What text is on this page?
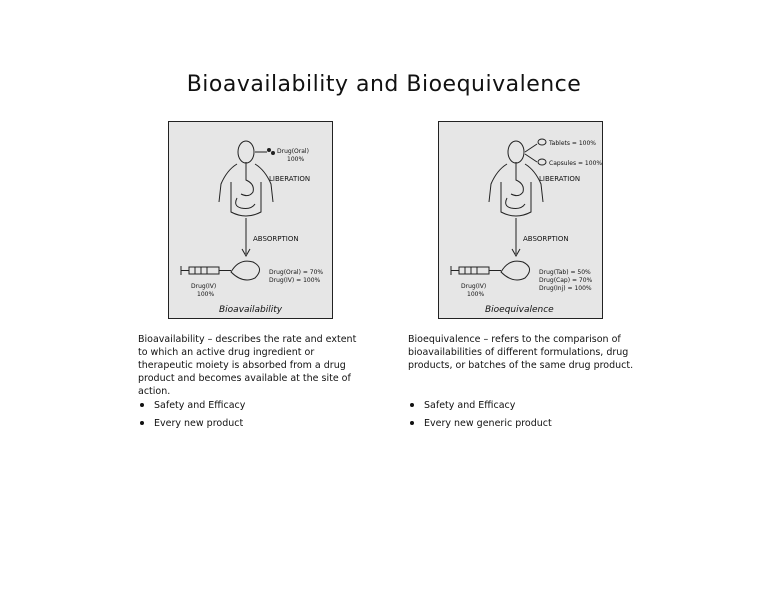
Bioavailability and Bioequivalence
Drug(Oral)
100%
LIBERATION
ABSORPTION
Drug(IV)
100%
Drug(Oral) = 70%
Drug(IV) = 100%
Bioavailability
Tablets = 100%
Capsules = 100%
LIBERATION
ABSORPTION
Drug(IV)
100%
Drug(Tab) = 50%
Drug(Cap) = 70%
Drug(Inj) = 100%
Bioequivalence
Bioavailability – describes the rate and extent to which an active drug ingredient or therapeutic moiety is absorbed from a drug product and becomes available at the site of action.
Bioequivalence – refers to the comparison of bioavailabilities of different formulations, drug products, or batches of the same drug product.
Safety and Efficacy
Every new product
Safety and Efficacy
Every new generic product
